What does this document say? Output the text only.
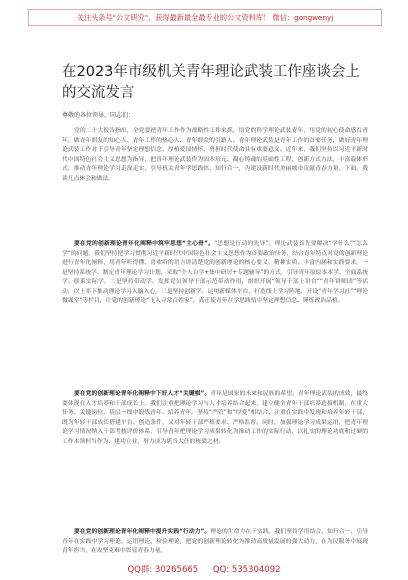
关注头条号"公文研究"，获得最新最全最专业的公文资料库！ 微信：gongwenyj
在2023年市级机关青年理论武装工作座谈会上的交流发言
尊敬的各位领导，同志们：

党的二十大报告指出，全党要把青年工作作为战略性工作来抓，用党的科学理论武装青年，用党的初心使命感召青年，做青年朋友的知心人、青年工作的热心人、青年群众的引路人。青年理论武装是青年工作的首要任务，做好青年理论武装工作对于引导青年坚定理想信念、厚植爱国情怀、勇担时代使命具有重要意义。近年来，我们坚持以习近平新时代中国特色社会主义思想为指导，把青年理论武装作为固本培元、凝心铸魂的基础性工程，创新方式方法，丰富载体形式，推动青年理论学习走深走实，引导机关青年学思践悟、知行合一，为建设新时代美丽城市贡献青春力量。下面，我谈几点体会和做法。

要在党的创新理论青年化阐释中筑牢思想“主心骨”。“思想是行动的先导”。理论武装首先要解决“学什么”“怎么学”的问题。我们坚持把学习贯彻习近平新时代中国特色社会主义思想作为首要政治任务，结合青年特点对党的创新理论进行青年化阐释，用青年听得懂、喜欢听的语言讲清楚党的创新理论的核心要义、精神实质、丰富内涵和实践要求。一是坚持系统学。制定青年理论学习计划，采取“个人自学+集中研讨+专题辅导”的方式，引导青年原原本本学、全面系统学、联系实际学。二是坚持带动学。发挥党员领导干部示范带动作用，组织开展“领导干部上讲台”“青年讲师团”等活动，以上率下推动理论学习入脑入心。三是坚持创新学。运用新媒体平台，打造线上学习阵地，开设“青年学习社”“理论微课堂”等栏目，让党的创新理论“飞入寻常百姓家”，真正使青年在学思践悟中坚定理想信念、锤炼政治品格。

要在党的创新理论青年化阐释中下好人才“关键棋”。青年是国家的未来和民族的希望。青年理论武装的成效，最终要体现在人才培养和干部成长上。我们注重把理论学习与人才培养结合起来，建立健全青年干部培养选拔机制，在重大任务、关键岗位、基层一线中锻炼青年、培养青年。坚持“严管”和“厚爱”相结合，注重在实践中发现和培养年轻干部，既为年轻干部成长搭建平台、创造条件，又对年轻干部严格要求、严格监督。同时，加强理论学习成果运用，把青年理论学习情况纳入干部考核评价体系，引导青年把理论学习成果转化为推动工作的实际行动，以扎实的理论功底和过硬的工作本领担当作为、建功立业，努力成为堪当大任的栋梁之材。

要在党的创新理论青年化阐释中提升实践“行动力”。理论的生命力在于实践。我们坚持学用结合、知行合一，引导青年在实践中学习理论、运用理论、检验理论，把党的创新理论转化为推动高质量发展的强大动力，在为民服务中展现青年担当，在攻坚克难中彰显青春力量。

QQ群: 30265665 QQ: 535304092
